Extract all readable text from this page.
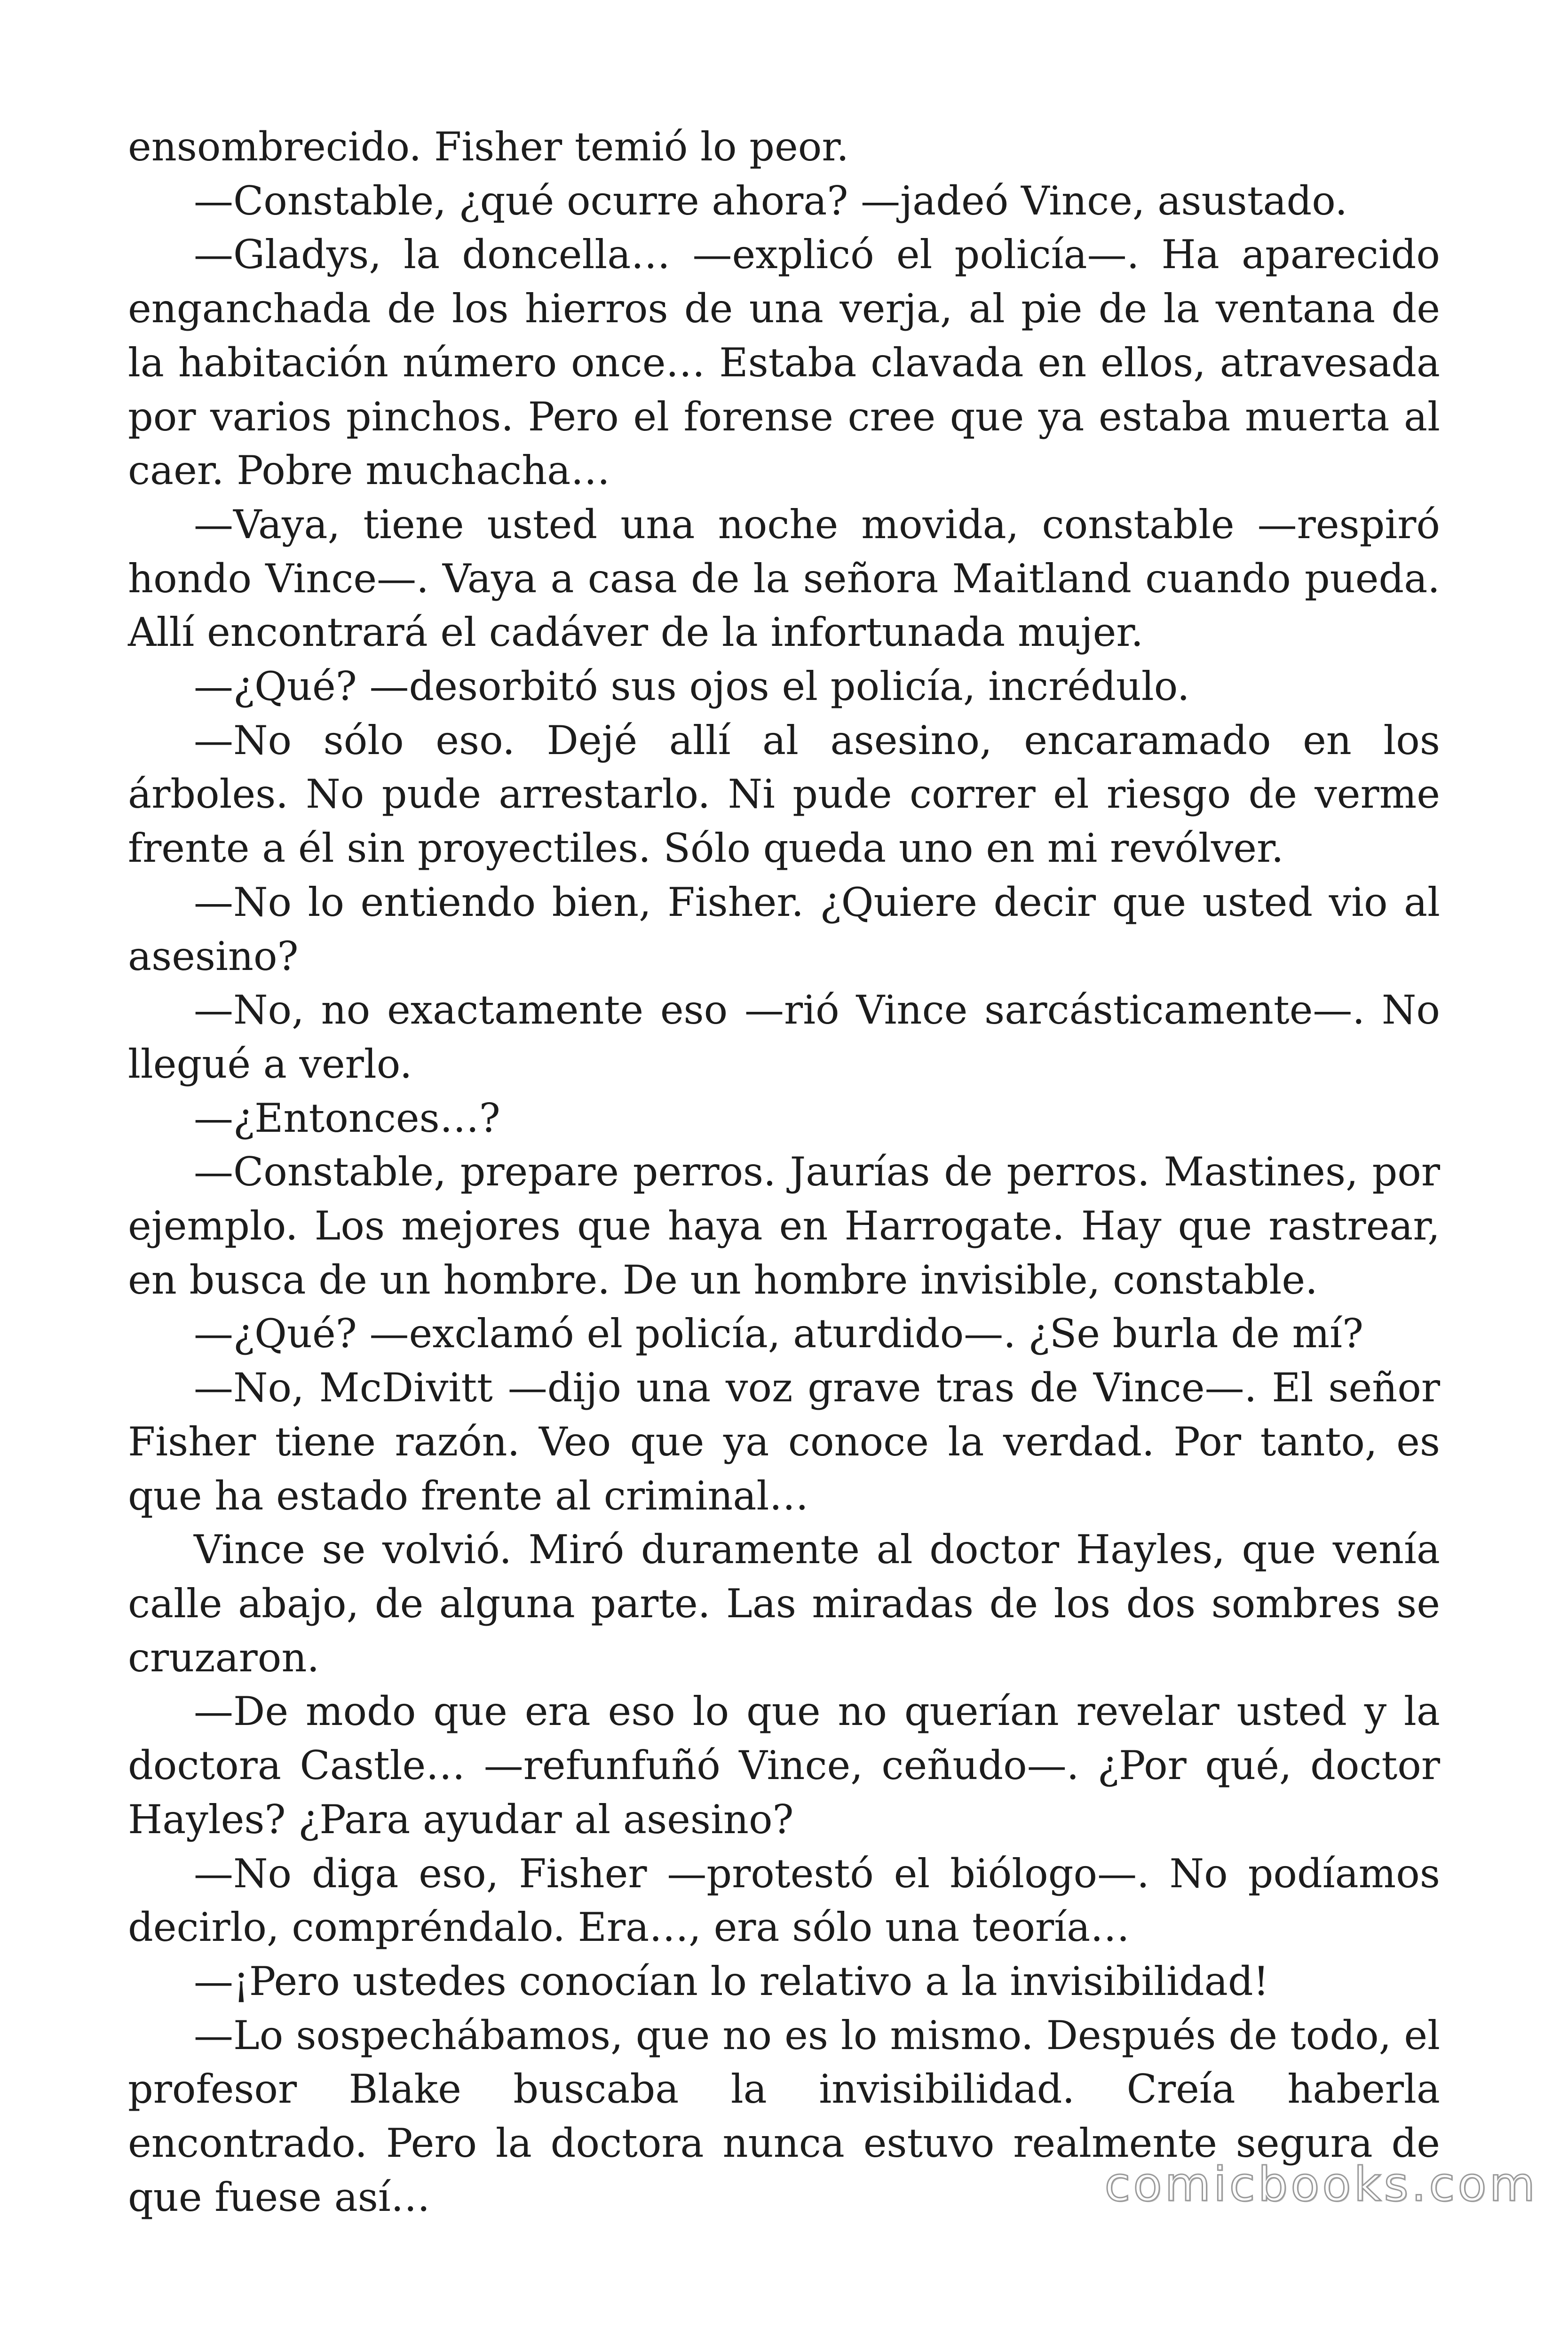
ensombrecido. Fisher temió lo peor.

—Constable, ¿qué ocurre ahora? —jadeó Vince, asustado.

—Gladys, la doncella… —explicó el policía—. Ha aparecido enganchada de los hierros de una verja, al pie de la ventana de la habitación número once… Estaba clavada en ellos, atravesada por varios pinchos. Pero el forense cree que ya estaba muerta al caer. Pobre muchacha…

—Vaya, tiene usted una noche movida, constable —respiró hondo Vince—. Vaya a casa de la señora Maitland cuando pueda. Allí encontrará el cadáver de la infortunada mujer.

—¿Qué? —desorbitó sus ojos el policía, incrédulo.

—No sólo eso. Dejé allí al asesino, encaramado en los árboles. No pude arrestarlo. Ni pude correr el riesgo de verme frente a él sin proyectiles. Sólo queda uno en mi revólver.

—No lo entiendo bien, Fisher. ¿Quiere decir que usted vio al asesino?

—No, no exactamente eso —rió Vince sarcásticamente—. No llegué a verlo.

—¿Entonces…?

—Constable, prepare perros. Jaurías de perros. Mastines, por ejemplo. Los mejores que haya en Harrogate. Hay que rastrear, en busca de un hombre. De un hombre invisible, constable.

—¿Qué? —exclamó el policía, aturdido—. ¿Se burla de mí?

—No, McDivitt —dijo una voz grave tras de Vince—. El señor Fisher tiene razón. Veo que ya conoce la verdad. Por tanto, es que ha estado frente al criminal…

Vince se volvió. Miró duramente al doctor Hayles, que venía calle abajo, de alguna parte. Las miradas de los dos sombres se cruzaron.

—De modo que era eso lo que no querían revelar usted y la doctora Castle… —refunfuñó Vince, ceñudo—. ¿Por qué, doctor Hayles? ¿Para ayudar al asesino?

—No diga eso, Fisher —protestó el biólogo—. No podíamos decirlo, compréndalo. Era…, era sólo una teoría…

—¡Pero ustedes conocían lo relativo a la invisibilidad!

—Lo sospechábamos, que no es lo mismo. Después de todo, el profesor Blake buscaba la invisibilidad. Creía haberla encontrado. Pero la doctora nunca estuvo realmente segura de que fuese así…	comicbooks.com
